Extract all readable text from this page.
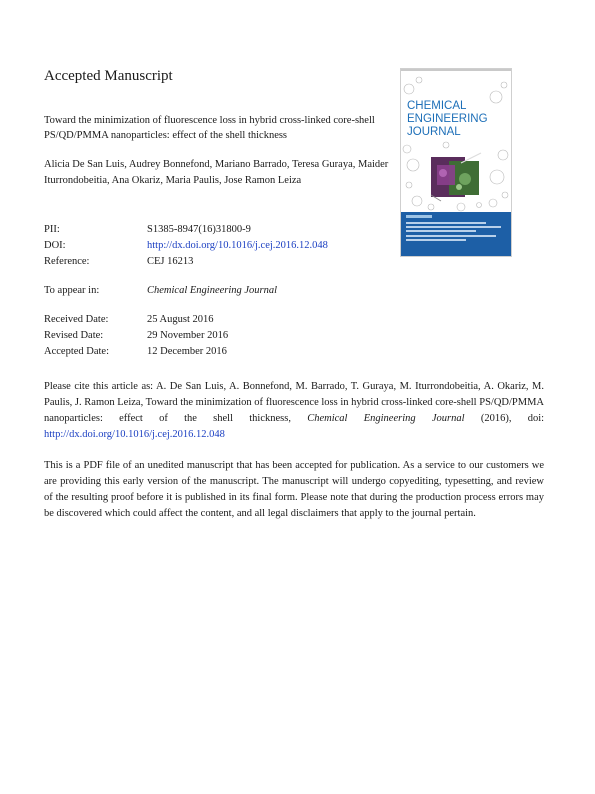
Accepted Manuscript
Toward the minimization of fluorescence loss in hybrid cross-linked core-shell PS/QD/PMMA nanoparticles: effect of the shell thickness
Alicia De San Luis, Audrey Bonnefond, Mariano Barrado, Teresa Guraya, Maider Iturrondobeitia, Ana Okariz, Maria Paulis, Jose Ramon Leiza
PII:	S1385-8947(16)31800-9
DOI:	http://dx.doi.org/10.1016/j.cej.2016.12.048
Reference:	CEJ 16213
To appear in:	Chemical Engineering Journal
Received Date:	25 August 2016
Revised Date:	29 November 2016
Accepted Date:	12 December 2016
Please cite this article as: A. De San Luis, A. Bonnefond, M. Barrado, T. Guraya, M. Iturrondobeitia, A. Okariz, M. Paulis, J. Ramon Leiza, Toward the minimization of fluorescence loss in hybrid cross-linked core-shell PS/QD/PMMA nanoparticles: effect of the shell thickness, Chemical Engineering Journal (2016), doi: http://dx.doi.org/10.1016/j.cej.2016.12.048
This is a PDF file of an unedited manuscript that has been accepted for publication. As a service to our customers we are providing this early version of the manuscript. The manuscript will undergo copyediting, typesetting, and review of the resulting proof before it is published in its final form. Please note that during the production process errors may be discovered which could affect the content, and all legal disclaimers that apply to the journal pertain.
CHEMICAL
ENGINEERING
JOURNAL
